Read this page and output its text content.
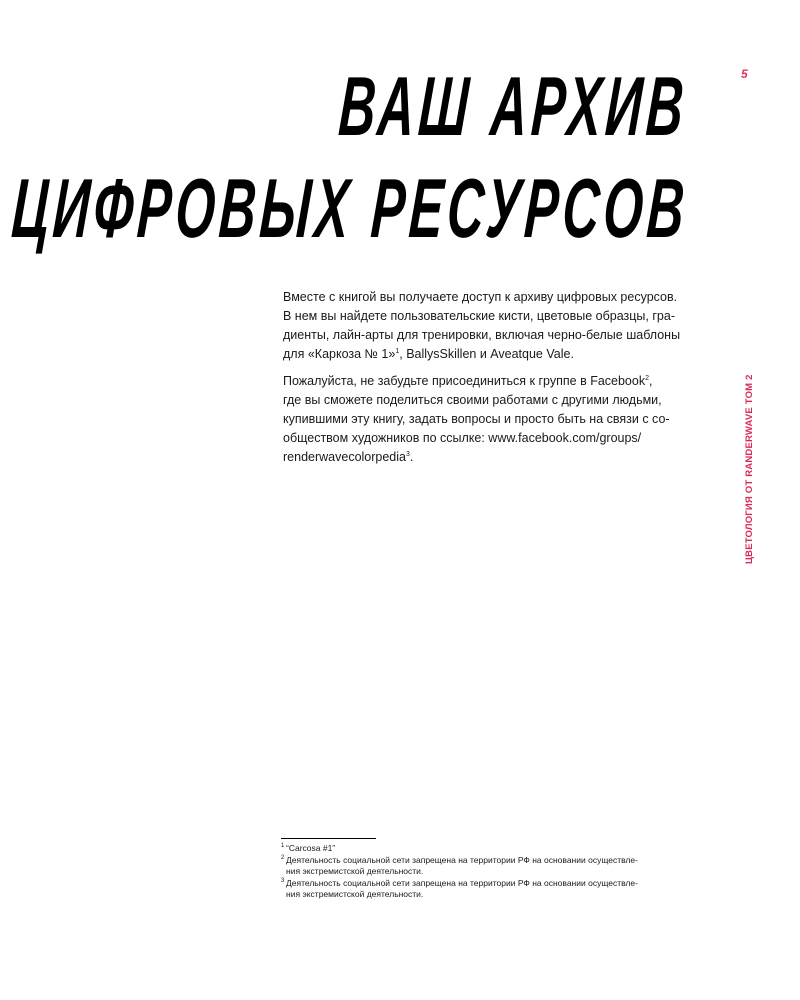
ВАШ АРХИВ
ЦИФРОВЫХ РЕСУРСОВ
5
ЦВЕТОЛОГИЯ ОТ RANDERWAVE ТОМ 2

Вместе с книгой вы получаете доступ к архиву цифровых ресурсов.
В нем вы найдете пользовательские кисти, цветовые образцы, гра-
диенты, лайн-арты для тренировки, включая черно-белые шаблоны
для «Каркоза № 1»$^1$, BallysSkillen и Aveatque Vale.

Пожалуйста, не забудьте присоединиться к группе в Facebook$^2$,
где вы сможете поделиться своими работами с другими людьми,
купившими эту книгу, задать вопросы и просто быть на связи с со-
обществом художников по ссылке: www.facebook.com/groups/
renderwavecolorpedia$^3$.

1 “Carcosa #1”
2 Деятельность социальной сети запрещена на территории РФ на основании осуществле-
ния экстремистской деятельности.
3 Деятельность социальной сети запрещена на территории РФ на основании осуществле-
ния экстремистской деятельности.
